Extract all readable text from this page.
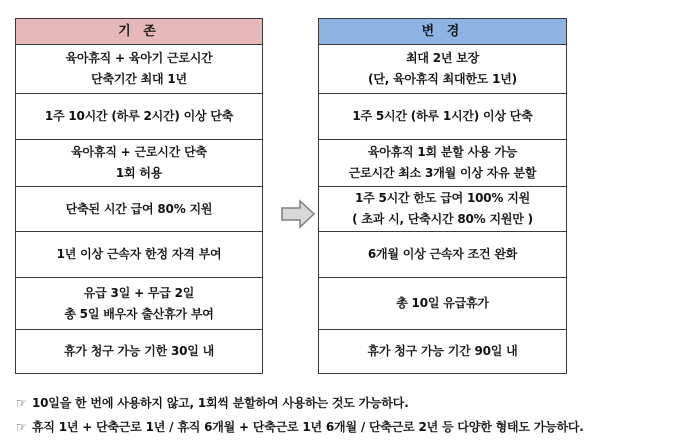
기 존
육아휴직 + 육아기 근로시간
단축기간 최대 1년
1주 10시간 (하루 2시간) 이상 단축
육아휴직 + 근로시간 단축
1회 허용
단축된 시간 급여 80% 지원
1년 이상 근속자 한정 자격 부여
유급 3일 + 무급 2일
총 5일 배우자 출산휴가 부여
휴가 청구 가능 기한 30일 내
변 경
최대 2년 보장
(단, 육아휴직 최대한도 1년)
1주 5시간 (하루 1시간) 이상 단축
육아휴직 1회 분할 사용 가능
근로시간 최소 3개월 이상 자유 분할
1주 5시간 한도 급여 100% 지원
( 초과 시, 단축시간 80% 지원만 )
6개월 이상 근속자 조건 완화
총 10일 유급휴가
휴가 청구 가능 기간 90일 내
☞ 10일을 한 번에 사용하지 않고, 1회씩 분할하여 사용하는 것도 가능하다.
☞ 휴직 1년 + 단축근로 1년 / 휴직 6개월 + 단축근로 1년 6개월 / 단축근로 2년 등 다양한 형태도 가능하다.
